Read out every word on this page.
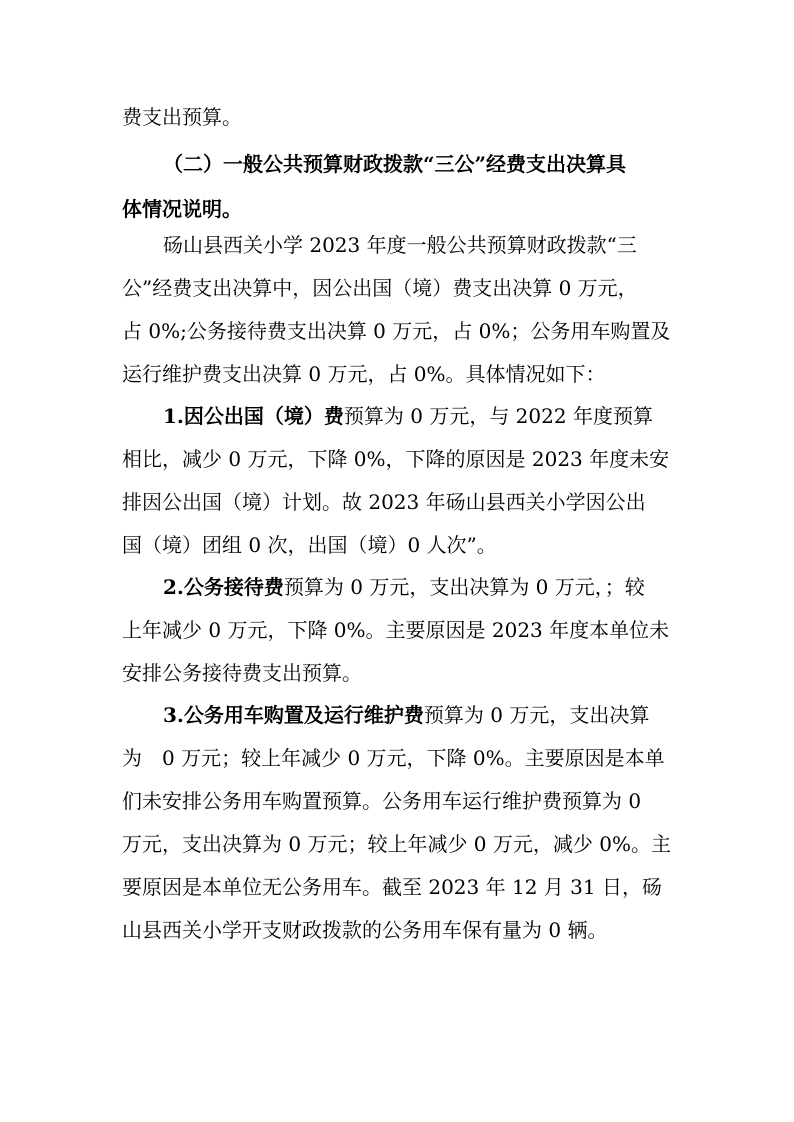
费支出预算。

（二）一般公共预算财政拨款“三公”经费支出决算具

体情况说明。

砀山县西关小学 2023 年度一般公共预算财政拨款“三

公”经费支出决算中，因公出国（境）费支出决算 0 万元，

占 0%;公务接待费支出决算 0 万元，占 0%；公务用车购置及

运行维护费支出决算 0 万元，占 0%。具体情况如下：

1.因公出国（境）费预算为 0 万元，与 2022 年度预算

相比，减少 0 万元，下降 0%，下降的原因是 2023 年度未安

排因公出国（境）计划。故 2023 年砀山县西关小学因公出

国（境）团组 0 次，出国（境）0 人次”。

2.公务接待费预算为 0 万元，支出决算为 0 万元，；较

上年减少 0 万元，下降 0%。主要原因是 2023 年度本单位未

安排公务接待费支出预算。

3.公务用车购置及运行维护费预算为 0 万元，支出决算

为　0 万元；较上年减少 0 万元，下降 0%。主要原因是本单

们未安排公务用车购置预算。公务用车运行维护费预算为 0

万元，支出决算为 0 万元；较上年减少 0 万元，减少 0%。主

要原因是本单位无公务用车。截至 2023 年 12 月 31 日，砀

山县西关小学开支财政拨款的公务用车保有量为 0 辆。
